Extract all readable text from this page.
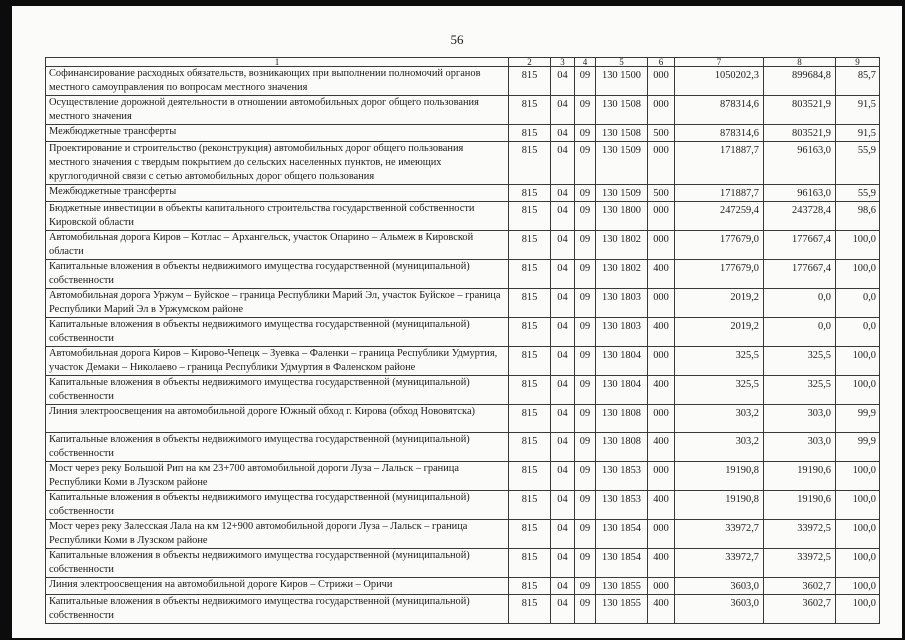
56
1	2	3	4	5	6	7	8	9
Софинансирование расходных обязательств, возникающих при выполнении полномочий органов местного самоуправления по вопросам местного значения	815	04	09	130 1500	000	1050202,3	899684,8	85,7
Осуществление дорожной деятельности в отношении автомобильных дорог общего пользования местного значения	815	04	09	130 1508	000	878314,6	803521,9	91,5
Межбюджетные трансферты	815	04	09	130 1508	500	878314,6	803521,9	91,5
Проектирование и строительство (реконструкция) автомобильных дорог общего пользования местного значения с твердым покрытием до сельских населенных пунктов, не имеющих круглогодичной связи с сетью автомобильных дорог общего пользования	815	04	09	130 1509	000	171887,7	96163,0	55,9
Межбюджетные трансферты	815	04	09	130 1509	500	171887,7	96163,0	55,9
Бюджетные инвестиции в объекты капитального строительства государственной собственности Кировской области	815	04	09	130 1800	000	247259,4	243728,4	98,6
Автомобильная дорога Киров – Котлас – Архангельск, участок Опарино – Альмеж в Кировской области	815	04	09	130 1802	000	177679,0	177667,4	100,0
Капитальные вложения в объекты недвижимого имущества государственной (муниципальной) собственности	815	04	09	130 1802	400	177679,0	177667,4	100,0
Автомобильная дорога Уржум – Буйское – граница Республики Марий Эл, участок Буйское – граница Республики Марий Эл в Уржумском районе	815	04	09	130 1803	000	2019,2	0,0	0,0
Капитальные вложения в объекты недвижимого имущества государственной (муниципальной) собственности	815	04	09	130 1803	400	2019,2	0,0	0,0
Автомобильная дорога Киров – Кирово-Чепецк – Зуевка – Фаленки – граница Республики Удмуртия, участок Демаки – Николаево – граница Республики Удмуртия в Фаленском районе	815	04	09	130 1804	000	325,5	325,5	100,0
Капитальные вложения в объекты недвижимого имущества государственной (муниципальной) собственности	815	04	09	130 1804	400	325,5	325,5	100,0
Линия электроосвещения на автомобильной дороге Южный обход г. Кирова (обход Нововятска)	815	04	09	130 1808	000	303,2	303,0	99,9
Капитальные вложения в объекты недвижимого имущества государственной (муниципальной) собственности	815	04	09	130 1808	400	303,2	303,0	99,9
Мост через реку Большой Рип на км 23+700 автомобильной дороги Луза – Лальск – граница Республики Коми в Лузском районе	815	04	09	130 1853	000	19190,8	19190,6	100,0
Капитальные вложения в объекты недвижимого имущества государственной (муниципальной) собственности	815	04	09	130 1853	400	19190,8	19190,6	100,0
Мост через реку Залесская Лала на км 12+900 автомобильной дороги Луза – Лальск – граница Республики Коми в Лузском районе	815	04	09	130 1854	000	33972,7	33972,5	100,0
Капитальные вложения в объекты недвижимого имущества государственной (муниципальной) собственности	815	04	09	130 1854	400	33972,7	33972,5	100,0
Линия электроосвещения на автомобильной дороге Киров – Стрижи – Оричи	815	04	09	130 1855	000	3603,0	3602,7	100,0
Капитальные вложения в объекты недвижимого имущества государственной (муниципальной) собственности	815	04	09	130 1855	400	3603,0	3602,7	100,0
